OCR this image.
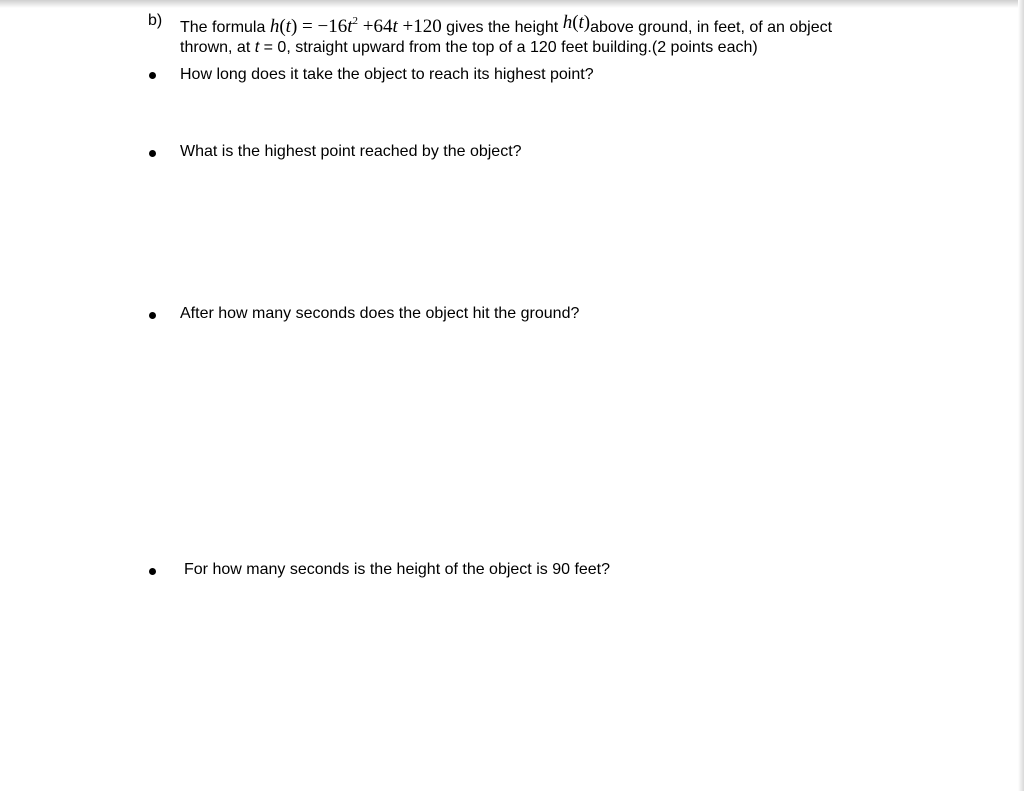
b) The formula $h(t) = -16t^2 +64t +120$ gives the height h(t)above ground, in feet, of an object
thrown, at t = 0, straight upward from the top of a 120 feet building.(2 points each)
How long does it take the object to reach its highest point?
What is the highest point reached by the object?
After how many seconds does the object hit the ground?
For how many seconds is the height of the object is 90 feet?
